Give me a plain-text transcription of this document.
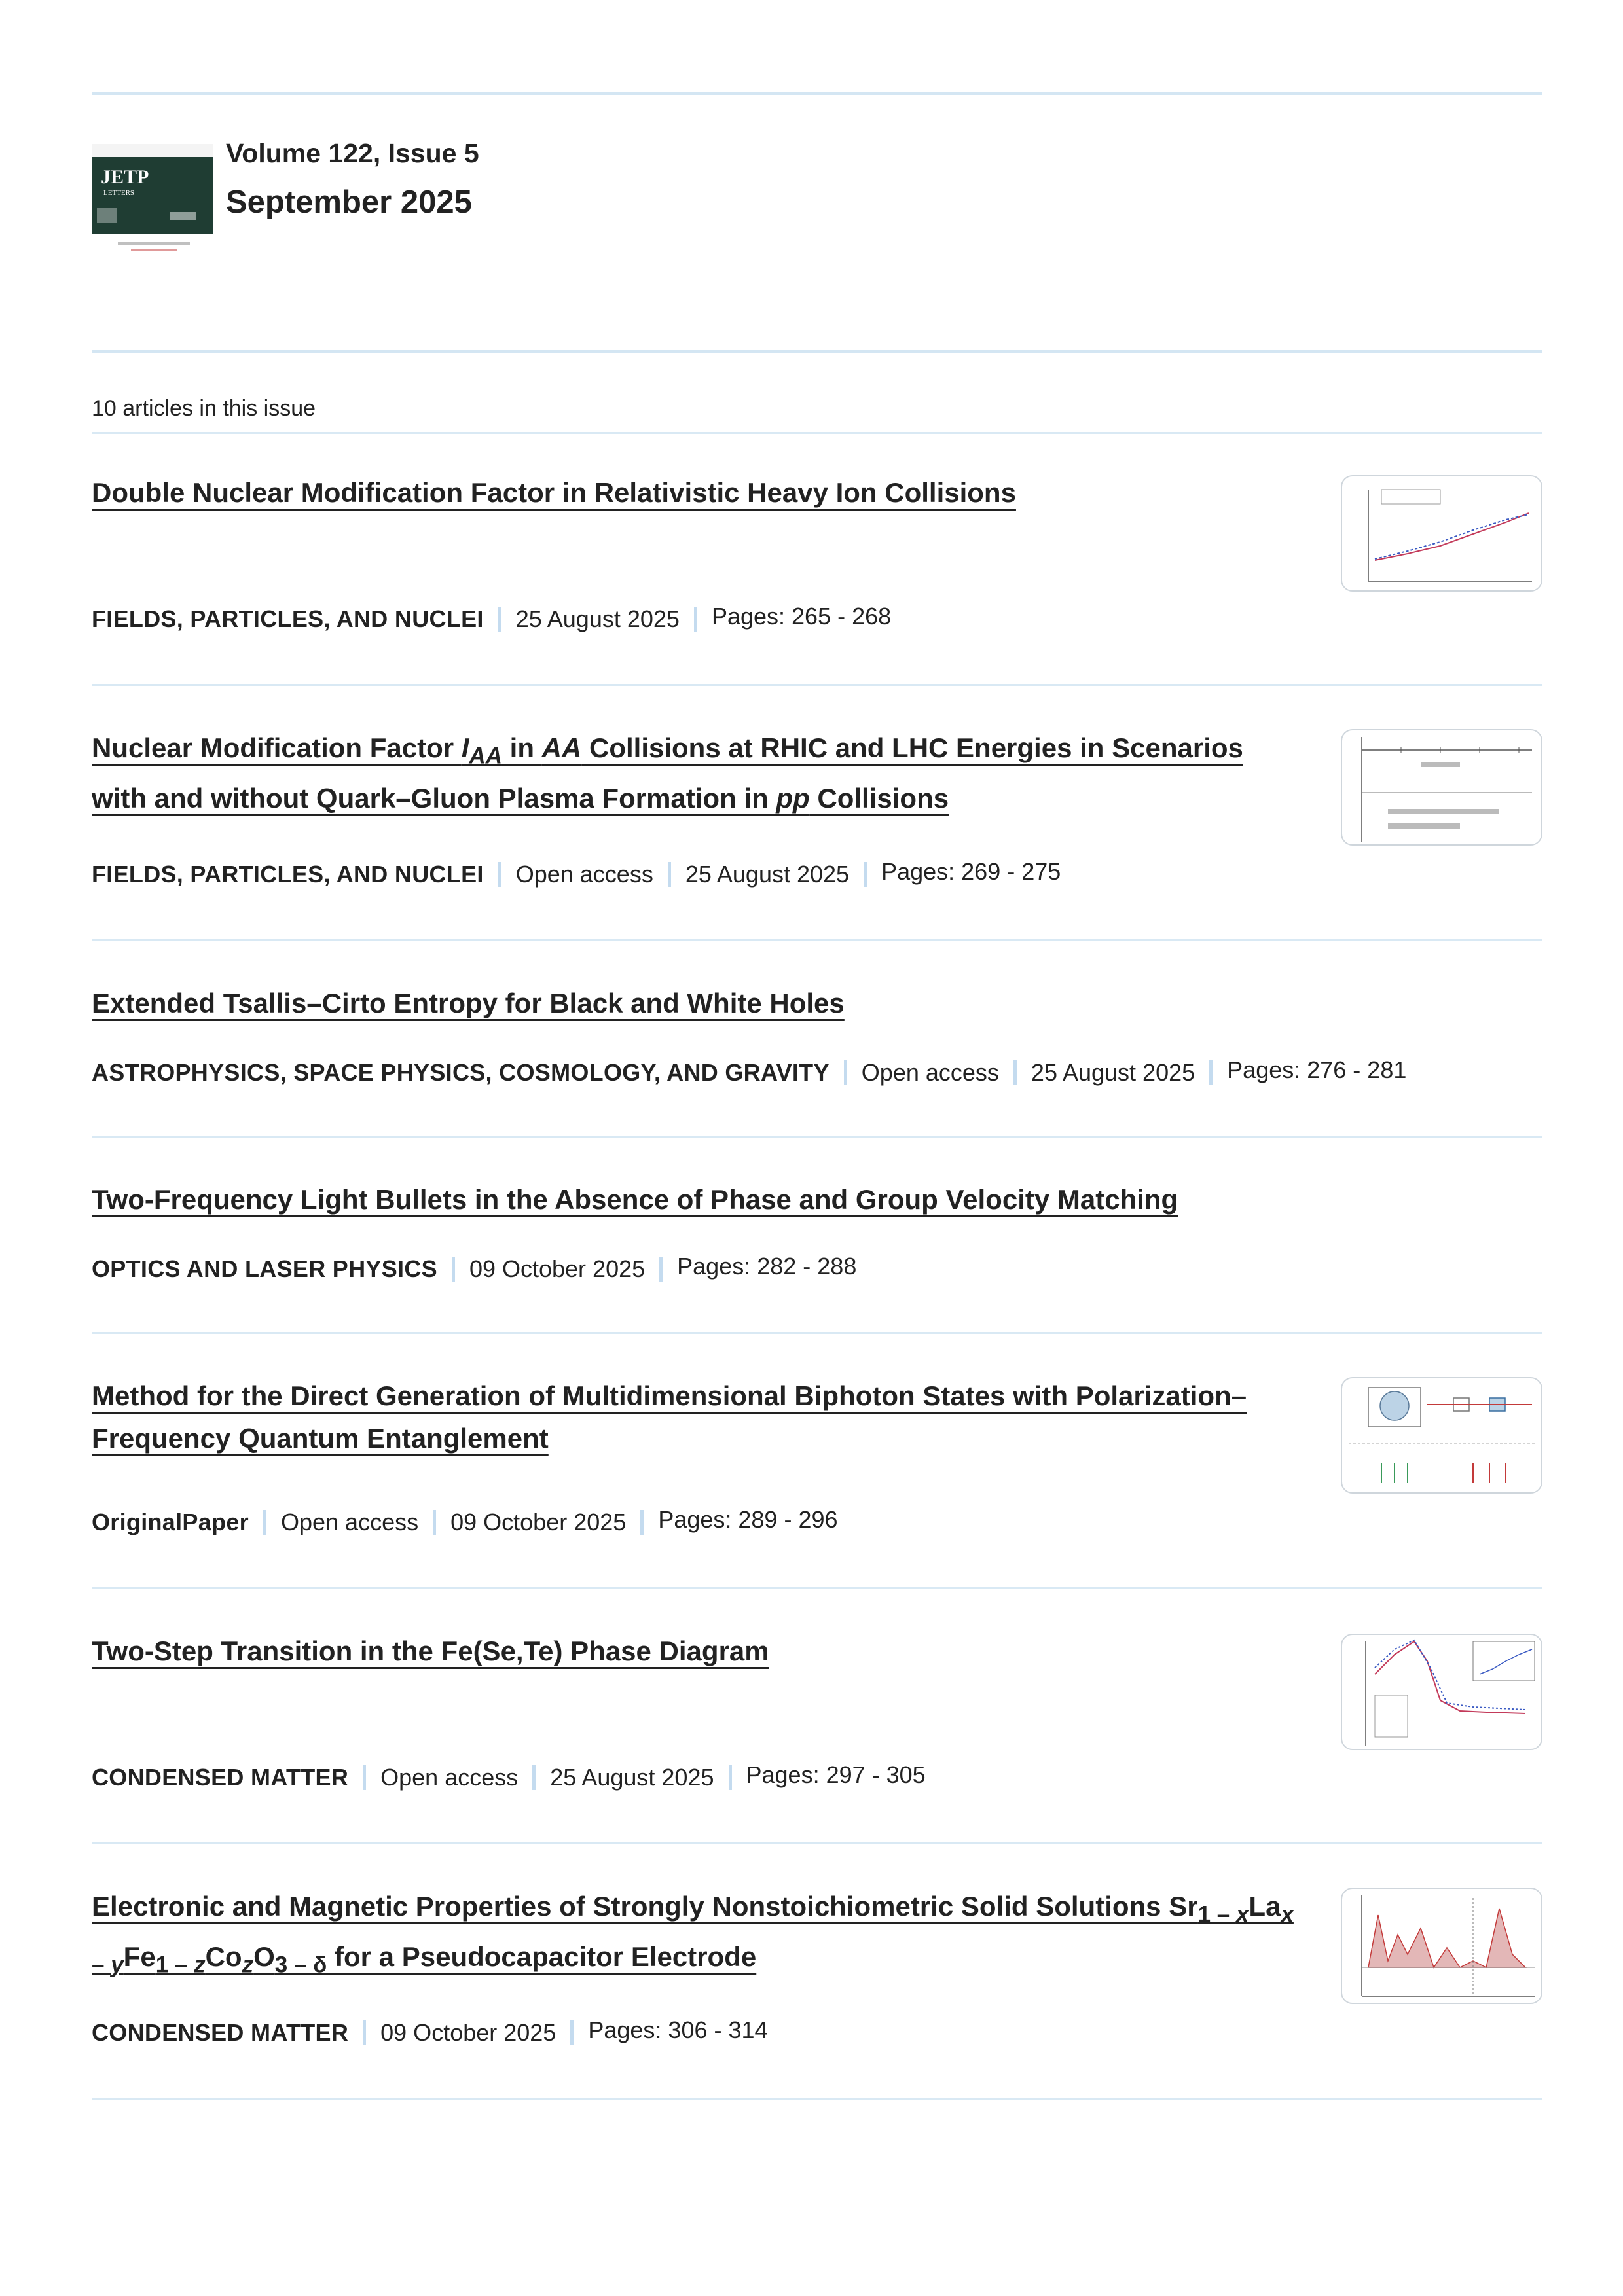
JETP
LETTERS
Volume 122, Issue 5
September 2025
10 articles in this issue
Double Nuclear Modification Factor in Relativistic Heavy Ion Collisions
FIELDS, PARTICLES, AND NUCLEI 25 August 2025 Pages: 265 - 268
Nuclear Modification Factor $I_{AA}$ in AA Collisions at RHIC and LHC Energies in Scenarios with and without Quark–Gluon Plasma Formation in pp Collisions
FIELDS, PARTICLES, AND NUCLEI Open access 25 August 2025 Pages: 269 - 275
Extended Tsallis–Cirto Entropy for Black and White Holes
ASTROPHYSICS, SPACE PHYSICS, COSMOLOGY, AND GRAVITY Open access 25 August 2025 Pages: 276 - 281
Two-Frequency Light Bullets in the Absence of Phase and Group Velocity Matching
OPTICS AND LASER PHYSICS 09 October 2025 Pages: 282 - 288
Method for the Direct Generation of Multidimensional Biphoton States with Polarization–Frequency Quantum Entanglement
OriginalPaper Open access 09 October 2025 Pages: 289 - 296
Two-Step Transition in the Fe(Se,Te) Phase Diagram
CONDENSED MATTER Open access 25 August 2025 Pages: 297 - 305
Electronic and Magnetic Properties of Strongly Nonstoichiometric Solid Solutions $Sr_{1 - x}La_{x - y}Fe_{1 - z}Co_zO_{3 - \delta}$ for a Pseudocapacitor Electrode
CONDENSED MATTER 09 October 2025 Pages: 306 - 314
